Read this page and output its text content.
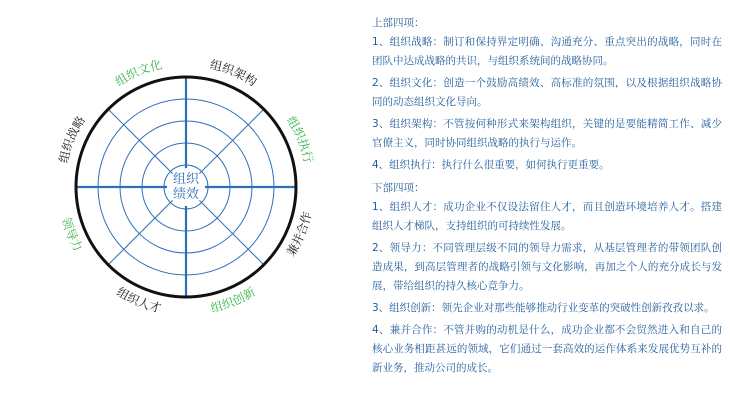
组织文化	组织架构
组织执行
兼并合作
组织创新
组织人才
领导力
组织战略
组织
绩效

上部四项：

1、组织战略：制订和保持界定明确、沟通充分、重点突出的战略，同时在团队中达成战略的共识，与组织系统间的战略协同。

2、组织文化：创造一个鼓励高绩效、高标准的氛围，以及根据组织战略协同的动态组织文化导向。

3、组织架构：不管按何种形式来架构组织，关键的是要能精简工作、减少官僚主义，同时协同组织战略的执行与运作。

4、组织执行：执行什么很重要，如何执行更重要。

下部四项：

1、组织人才：成功企业不仅设法留住人才，而且创造环境培养人才。搭建组织人才梯队，支持组织的可持续性发展。

2、领导力：不同管理层级不同的领导力需求，从基层管理者的带领团队创造成果，到高层管理者的战略引领与文化影响，再加之个人的充分成长与发展，带给组织的持久核心竞争力。

3、组织创新：领先企业对那些能够推动行业变革的突破性创新孜孜以求。

4、兼并合作：不管并购的动机是什么，成功企业都不会贸然进入和自己的核心业务相距甚远的领域，它们通过一套高效的运作体系来发展优势互补的新业务，推动公司的成长。
